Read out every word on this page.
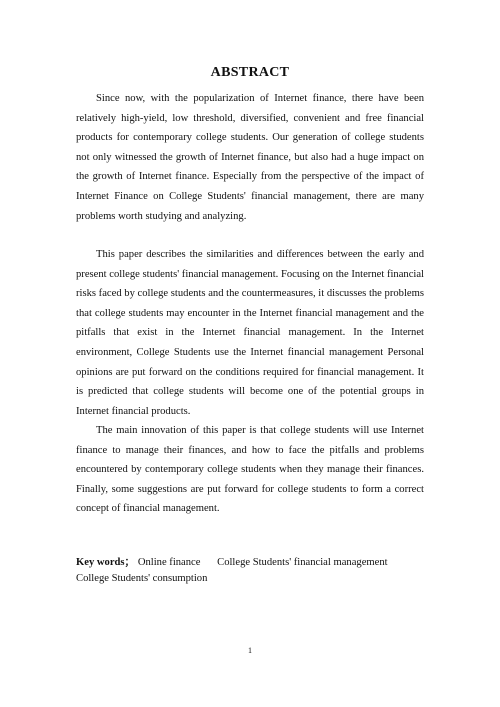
ABSTRACT

Since now, with the popularization of Internet finance, there have been relatively high-yield, low threshold, diversified, convenient and free financial products for contemporary college students. Our generation of college students not only witnessed the growth of Internet finance, but also had a huge impact on the growth of Internet finance. Especially from the perspective of the impact of Internet Finance on College Students' financial management, there are many problems worth studying and analyzing.

This paper describes the similarities and differences between the early and present college students' financial management. Focusing on the Internet financial risks faced by college students and the countermeasures, it discusses the problems that college students may encounter in the Internet financial management and the pitfalls that exist in the Internet financial management. In the Internet environment, College Students use the Internet financial management Personal opinions are put forward on the conditions required for financial management. It is predicted that college students will become one of the potential groups in Internet financial products.

The main innovation of this paper is that college students will use Internet finance to manage their finances, and how to face the pitfalls and problems encountered by contemporary college students when they manage their finances. Finally, some suggestions are put forward for college students to form a correct concept of financial management.

Key words； Online finance College Students' financial management College Students' consumption
1
